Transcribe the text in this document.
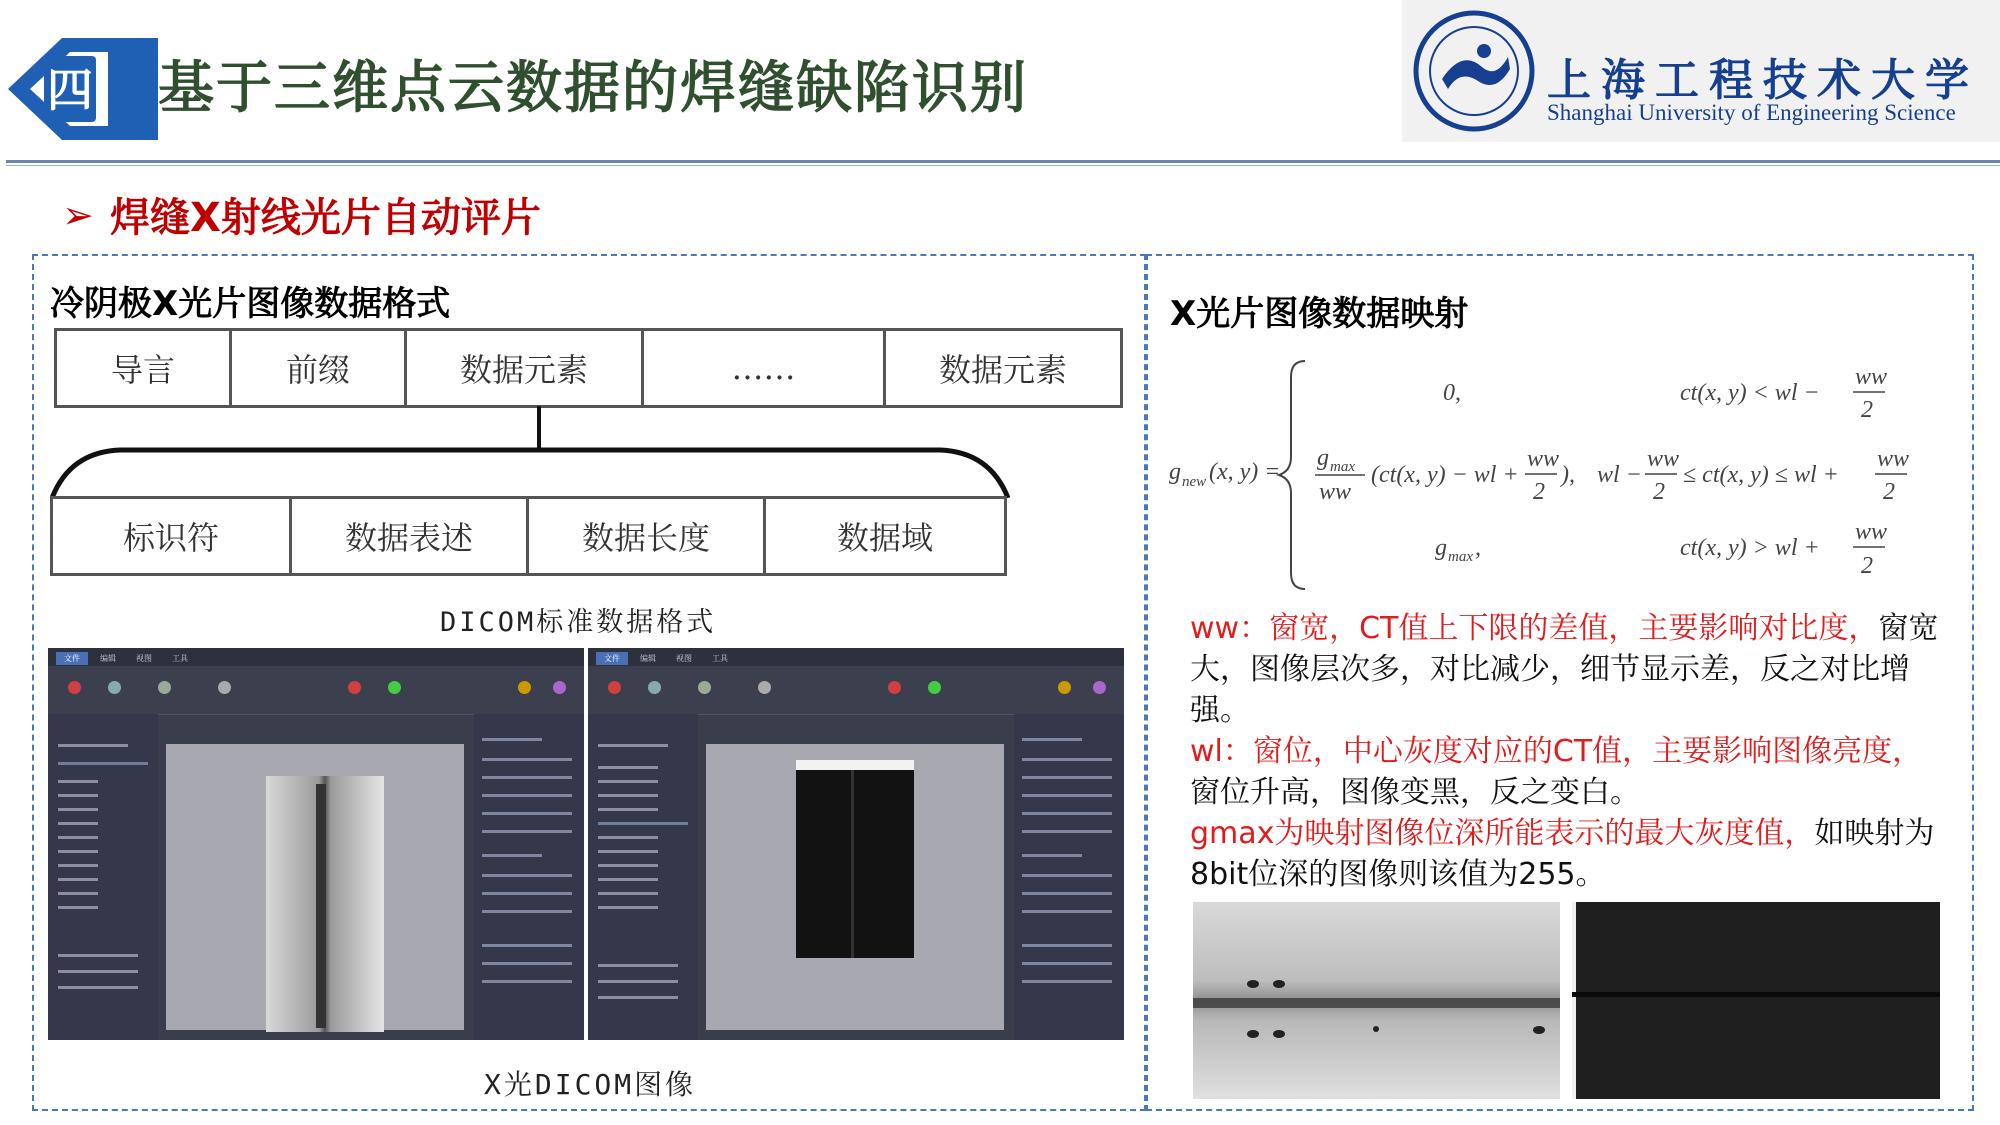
四 基于三维点云数据的焊缝缺陷识别	上海工程技术大学
Shanghai University of Engineering Science
➢ 焊缝X射线光片自动评片
冷阴极X光片图像数据格式
导言	前缀	数据元素	……	数据元素
标识符	数据表述	数据长度	数据域
DICOM标准数据格式
文件	编辑	视图	工具	文件	编辑	视图	工具
X光DICOM图像
X光片图像数据映射
g new (x, y) =
0,	ct(x, y) < wl −
ww
2
g max
ww
(ct(x, y) − wl +
ww
2
), wl −
ww
2
≤ ct(x, y) ≤ wl +
ww
2
g max ,	ct(x, y) > wl +
ww
2
ww：窗宽，CT值上下限的差值，主要影响对比度，窗宽大，图像层次多，对比减少，细节显示差，反之对比增强。
wl：窗位，中心灰度对应的CT值，主要影响图像亮度，窗位升高，图像变黑，反之变白。
gmax为映射图像位深所能表示的最大灰度值，如映射为8bit位深的图像则该值为255。
